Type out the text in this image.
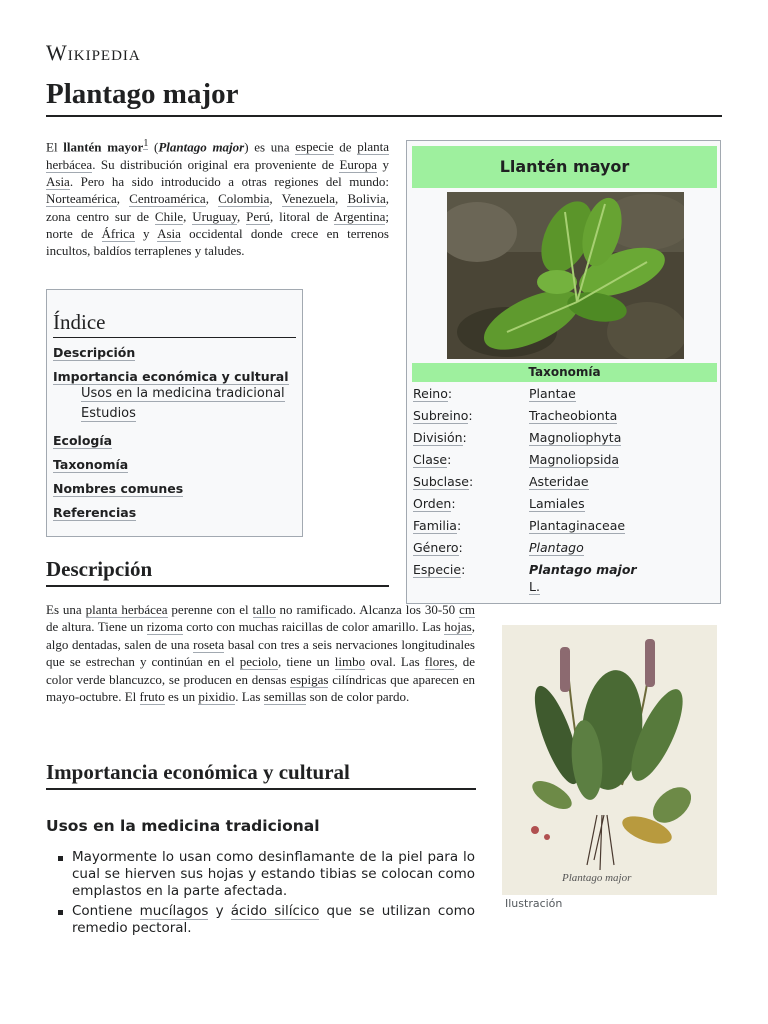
Wikipedia
Plantago major

El llantén mayor$^1$ (Plantago major) es una especie de planta herbácea. Su distribución original era proveniente de Europa y Asia. Pero ha sido introducido a otras regiones del mundo: Norteamérica, Centroamérica, Colombia, Venezuela, Bolivia, zona centro sur de Chile, Uruguay, Perú, litoral de Argentina; norte de África y Asia occidental donde crece en terrenos incultos, baldíos terraplenes y taludes.

Índice
Descripción
Importancia económica y cultural
Usos en la medicina tradicional
Estudios
Ecología
Taxonomía
Nombres comunes
Referencias
Llantén mayor
Taxonomía
Reino:	Plantae
Subreino:	Tracheobionta
División:	Magnoliophyta
Clase:	Magnoliopsida
Subclase:	Asteridae
Orden:	Lamiales
Familia:	Plantaginaceae
Género:	Plantago
Especie:	Plantago major
L.
Descripción

Es una planta herbácea perenne con el tallo no ramificado. Alcanza los 30-50 cm de altura. Tiene un rizoma corto con muchas raicillas de color amarillo. Las hojas, algo dentadas, salen de una roseta basal con tres a seis nervaciones longitudinales que se estrechan y continúan en el peciolo, tiene un limbo oval. Las flores, de color verde blancuzco, se producen en densas espigas cilíndricas que aparecen en mayo-octubre. El fruto es un pixidio. Las semillas son de color pardo.

Plantago major
Ilustración
Importancia económica y cultural
Usos en la medicina tradicional
Mayormente lo usan como desinflamante de la piel para lo cual se hierven sus hojas y estando tibias se colocan como emplastos en la parte afectada.
Contiene mucílagos y ácido silícico que se utilizan como remedio pectoral.
